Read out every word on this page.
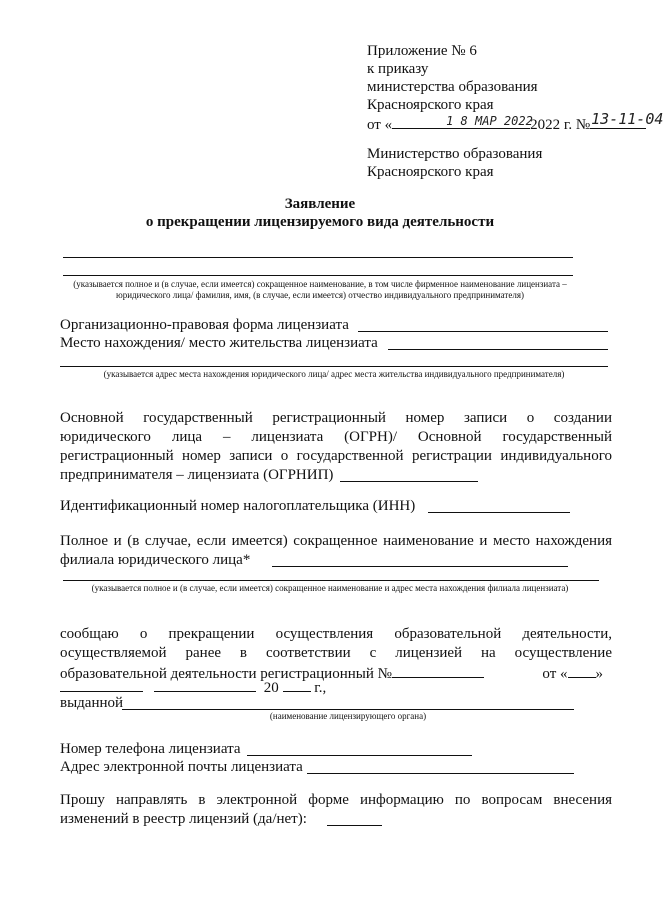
Приложение № 6
к приказу
министерства образования
Красноярского края
от «	1 8 МАР 2022
2022 г. № 13-11-04
Министерство образования
Красноярского края
Заявление
о прекращении лицензируемого вида деятельности
(указывается полное и (в случае, если имеется) сокращенное наименование, в том числе фирменное наименование лицензиата – юридического лица/ фамилия, имя, (в случае, если имеется) отчество индивидуального предпринимателя)
Организационно-правовая форма лицензиата
Место нахождения/ место жительства лицензиата
(указывается адрес места нахождения юридического лица/ адрес места жительства индивидуального предпринимателя)
Основной государственный регистрационный номер записи о создании
юридического лица – лицензиата (ОГРН)/ Основной государственный
регистрационный номер записи о государственной регистрации индивидуального
предпринимателя – лицензиата (ОГРНИП)
Идентификационный номер налогоплательщика (ИНН)
Полное и (в случае, если имеется) сокращенное наименование и место нахождения
филиала юридического лица*
(указывается полное и (в случае, если имеется) сокращенное наименование и адрес места нахождения филиала лицензиата)
сообщаю о прекращении осуществления образовательной деятельности,
осуществляемой ранее в соответствии с лицензией на осуществление
образовательной деятельности регистрационный №	от « »
20 г.,
выданной
(наименование лицензирующего органа)
Номер телефона лицензиата
Адрес электронной почты лицензиата
Прошу направлять в электронной форме информацию по вопросам внесения
изменений в реестр лицензий (да/нет):
